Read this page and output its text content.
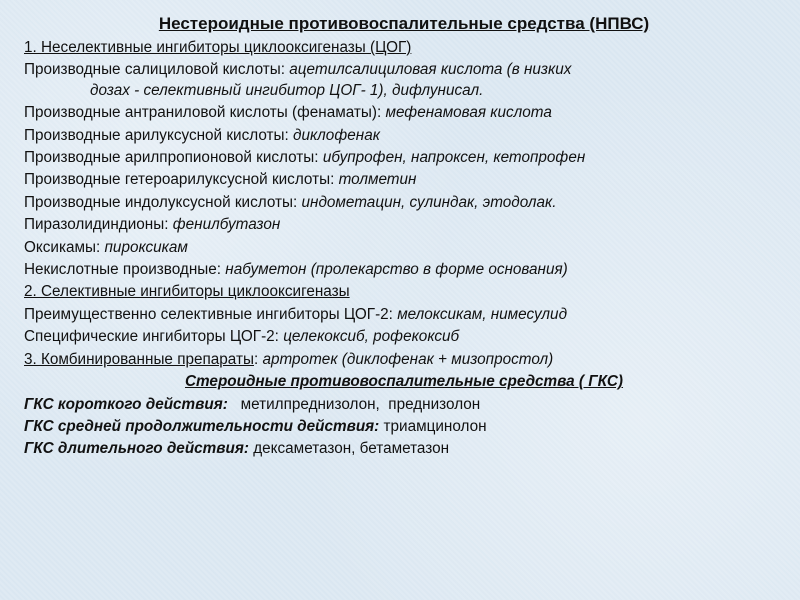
Нестероидные противовоспалительные средства (НПВС)
1. Неселективные ингибиторы циклооксигеназы (ЦОГ)
Производные салициловой кислоты: ацетилсалициловая кислота (в низких
дозах - селективный ингибитор ЦОГ- 1), дифлунисал.
Производные антраниловой кислоты (фенаматы): мефенамовая кислота
Производные арилуксусной кислоты: диклофенак
Производные арилпропионовой кислоты: ибупрофен, напроксен, кетопрофен
Производные гетероарилуксусной кислоты: толметин
Производные индолуксусной кислоты: индометацин, сулиндак, этодолак.
Пиразолидиндионы: фенилбутазон
Оксикамы: пироксикам
Некислотные производные: набуметон (пролекарство в форме основания)
2. Селективные ингибиторы циклооксигеназы
Преимущественно селективные ингибиторы ЦОГ-2: мелоксикам, нимесулид
Специфические ингибиторы ЦОГ-2: целекоксиб, рофекоксиб
3. Комбинированные препараты: артротек (диклофенак + мизопростол)
Стероидные противовоспалительные средства ( ГКС)
ГКС короткого действия:   метилпреднизолон,  преднизолон
ГКС средней продолжительности действия: триамцинолон
ГКС длительного действия: дексаметазон, бетаметазон
